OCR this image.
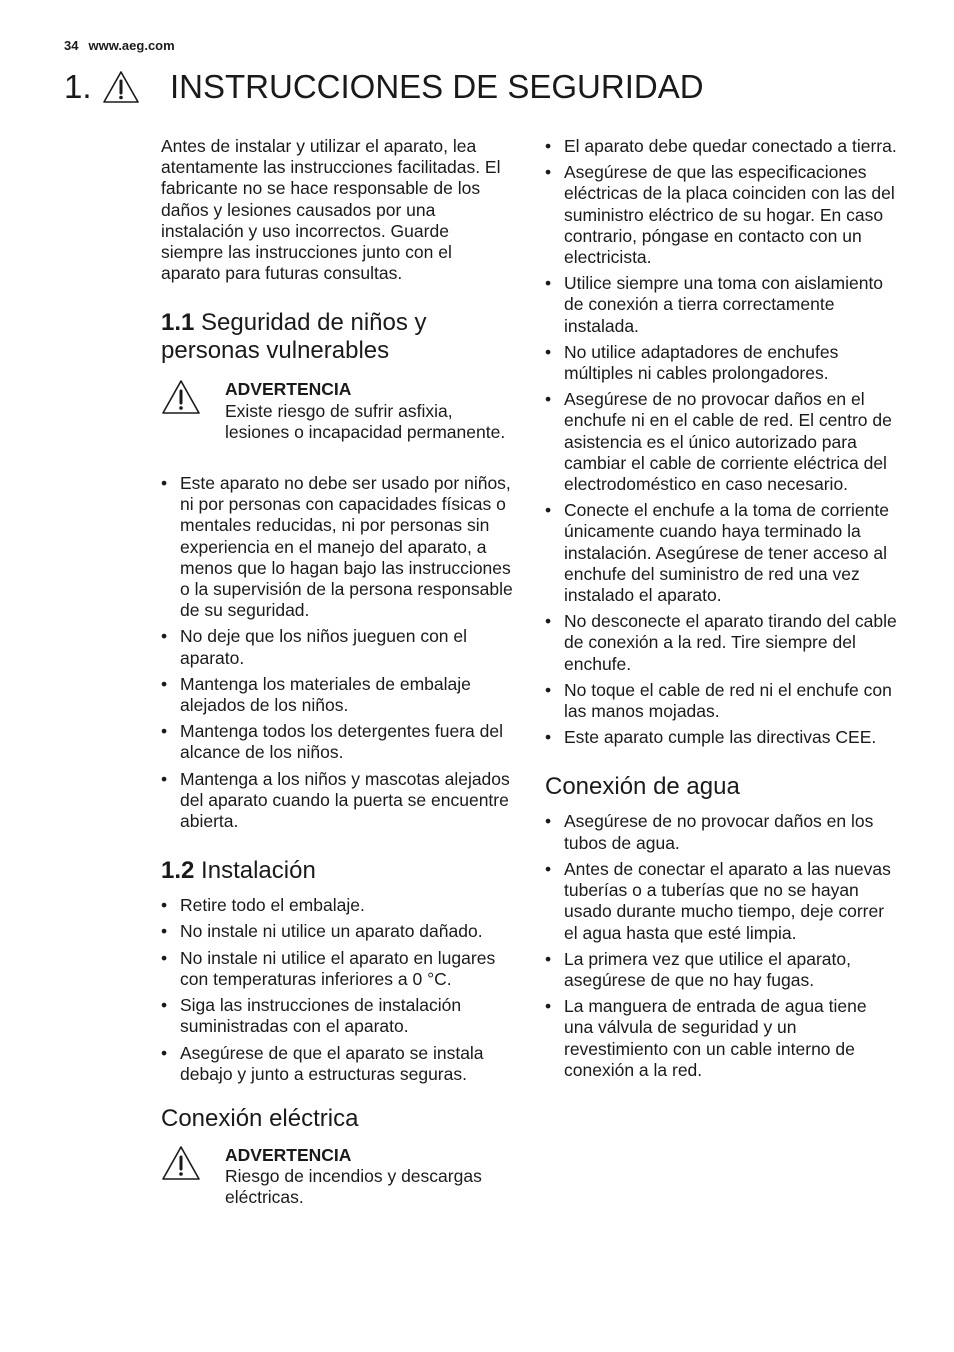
34 www.aeg.com
1.	INSTRUCCIONES DE SEGURIDAD

Antes de instalar y utilizar el aparato, lea atentamente las instrucciones facilitadas. El fabricante no se hace responsable de los daños y lesiones causados por una instalación y uso incorrectos. Guarde siempre las instrucciones junto con el aparato para futuras consultas.

1.1 Seguridad de niños y personas vulnerables
ADVERTENCIA
Existe riesgo de sufrir asfixia, lesiones o incapacidad permanente.
• Este aparato no debe ser usado por niños, ni por personas con capacidades físicas o mentales reducidas, ni por personas sin experiencia en el manejo del aparato, a menos que lo hagan bajo las instrucciones o la supervisión de la persona responsable de su seguridad.
• No deje que los niños jueguen con el aparato.
• Mantenga los materiales de embalaje alejados de los niños.
• Mantenga todos los detergentes fuera del alcance de los niños.
• Mantenga a los niños y mascotas alejados del aparato cuando la puerta se encuentre abierta.
1.2 Instalación
• Retire todo el embalaje.
• No instale ni utilice un aparato dañado.
• No instale ni utilice el aparato en lugares con temperaturas inferiores a 0 °C.
• Siga las instrucciones de instalación suministradas con el aparato.
• Asegúrese de que el aparato se instala debajo y junto a estructuras seguras.
Conexión eléctrica
ADVERTENCIA
Riesgo de incendios y descargas eléctricas.
• El aparato debe quedar conectado a tierra.
• Asegúrese de que las especificaciones eléctricas de la placa coinciden con las del suministro eléctrico de su hogar. En caso contrario, póngase en contacto con un electricista.
• Utilice siempre una toma con aislamiento de conexión a tierra correctamente instalada.
• No utilice adaptadores de enchufes múltiples ni cables prolongadores.
• Asegúrese de no provocar daños en el enchufe ni en el cable de red. El centro de asistencia es el único autorizado para cambiar el cable de corriente eléctrica del electrodoméstico en caso necesario.
• Conecte el enchufe a la toma de corriente únicamente cuando haya terminado la instalación. Asegúrese de tener acceso al enchufe del suministro de red una vez instalado el aparato.
• No desconecte el aparato tirando del cable de conexión a la red. Tire siempre del enchufe.
• No toque el cable de red ni el enchufe con las manos mojadas.
• Este aparato cumple las directivas CEE.
Conexión de agua
• Asegúrese de no provocar daños en los tubos de agua.
• Antes de conectar el aparato a las nuevas tuberías o a tuberías que no se hayan usado durante mucho tiempo, deje correr el agua hasta que esté limpia.
• La primera vez que utilice el aparato, asegúrese de que no hay fugas.
• La manguera de entrada de agua tiene una válvula de seguridad y un revestimiento con un cable interno de conexión a la red.
